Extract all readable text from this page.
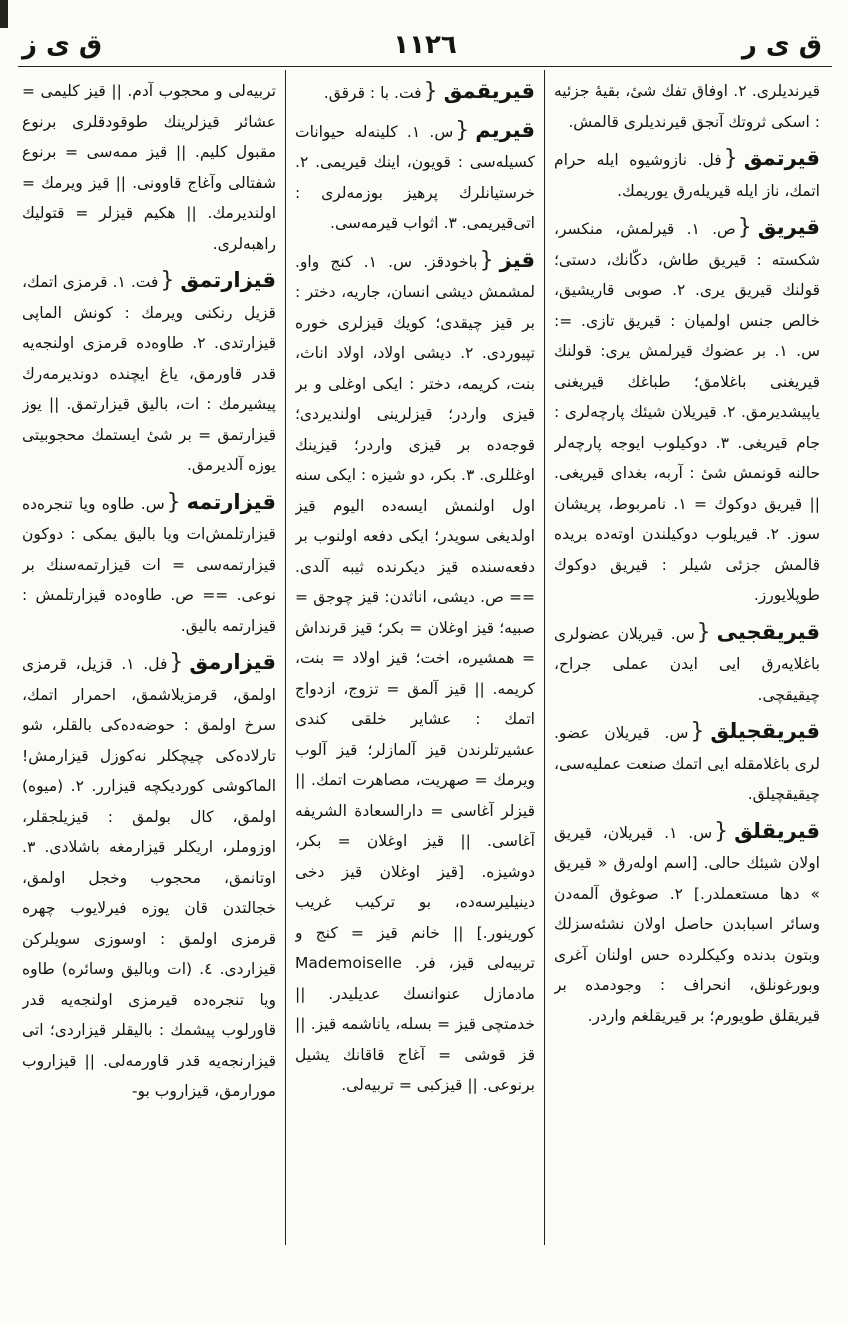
ق ی ر
١١٢٦
ق ی ز
قیرندیلری. ٢. اوفاق تفك شیٔ، بقیهٔ جزئیه : اسکی ثروتك آنجق قیرندیلری قالمش.
قیرتمق{فل. نازوشیوه ایله حرام اتمك، ناز ایله قیریله‌رق یوریمك.
قیریق{ص. ١. قیرلمش، منکسر، شکسته : قیریق طاش، دکّانك، دستی؛ قولنك قیریق یری. ٢. صوبی قاریشیق، خالص جنس اولمیان : قیریق تازی. =: س. ١. بر عضوك قیرلمش یری: قولنك قیریغنی باغلامق؛ طباغك قیریغنی یاپیشدیرمق. ٢. قیریلان شیئك پارچه‌لری : جام قیریغی. ٣. دوکیلوب ایوجه پارچه‌لر حالنه قونمش شیٔ : آربه، بغدای قیریغی. || قیریق دوکوك = ١. نامربوط، پریشان سوز. ٢. قیریلوب دوکیلندن اوته‌ده بریده قالمش جزئی شیلر : قیریق دوکوك طوپلایورز.
قیریقجیی{س. قیریلان عضولری باغلایه‌رق ایی ایدن عملی جراح، چیقیقچی.
قیریقجیلق{س. قیریلان عضو. لری باغلامقله ایی اتمك صنعت عملیه‌سی، چیقیقچیلق.
قیریقلق{س. ١. قیریلان، قیریق اولان شیئك حالی. [اسم اوله‌رق « قیریق » دها مستعملدر.] ٢. صوغوق آلمه‌دن وسائر اسبابدن حاصل اولان نشئه‌سزلك وبتون بدنده وکیکلرده حس اولنان آغری وبورغونلق، انحراف : وجودمده بر قیریقلق طویورم؛ بر قیریقلغم واردر.
قیریقمق{فت. با : قرقق.
قیریم{س. ١. کلینه‌له حیوانات کسیله‌سی : قویون، اینك قیریمی. ٢. خرستیانلرك پرهیز بوزمه‌لری : اتی‌قیریمی. ٣. اثواب قیرمه‌سی.
قیز{باخودقز. س. ١. کنج واو. لمشمش دیشی انسان، جاریه، دختر : بر قیز چیقدی؛ کویك قیزلری خوره تپیوردی. ٢. دیشی اولاد، اولاد اناث، بنت، کریمه، دختر : ایکی اوغلی و بر قیزی واردر؛ قیزلرینی اولندیردی؛ قوجه‌ده بر قیزی واردر؛ قیزینك اوغللری. ٣. بکر، دو شیزه : ایکی سنه اول اولنمش ایسه‌ده الیوم قیز اولدیغی سویدر؛ ایکی دفعه اولنوب بر دفعه‌سنده قیز دیکرنده ثیبه آلدی. == ص. دیشی، اناثدن: قیز چوجق = صبیه؛ قیز اوغلان = بکر؛ قیز قرنداش = همشیره، اخت؛ قیز اولاد = بنت، کریمه. || قیز آلمق = تزوج، ازدواج اتمك : عشایر خلقی کندی عشیرتلرندن قیز آلمازلر؛ قیز آلوب ویرمك = صهریت، مصاهرت اتمك. || قیزلر آغاسی = دارالسعادة الشریفه آغاسی. || قیز اوغلان = بکر، دوشیزه. [قیز اوغلان قیز دخی دینیلیرسه‌ده، بو ترکیب غریب کورینور.] || خانم قیز = کنج و تربیه‌لی قیز، فر. Mademoiselle مادمازل عنوانسك عدیلیدر. || خدمتچی قیز = بسله، یاناشمه قیز. || قز قوشی = آغاج قاقانك یشیل برنوعی. || قیزکبی = تربیه‌لی.
تربیه‌لی و محجوب آدم. || قیز کلیمی = عشائر قیزلرینك طوقودقلری برنوع مقبول کلیم. || قیز ممه‌سی = برنوع شفتالی وآغاج قاوونی. || قیز ویرمك = اولندیرمك. || هکیم قیزلر = قتولیك راهبه‌لری.
قیزارتمق{فت. ١. قرمزی اتمك، قزیل رنکنی ویرمك : کونش الماپی قیزارتدی. ٢. طاوه‌ده قرمزی اولنجه‌یه قدر قاورمق، یاغ ایچنده دوندیرمه‌رك پیشیرمك : ات، بالیق قیزارتمق. || یوز قیزارتمق = بر شیٔ ایستمك محجوبیتی یوزه آلدیرمق.
قیزارتمه{س. طاوه ویا تنجره‌ده قیزارتلمش‌ات ویا بالیق یمکی : دوکون قیزارتمه‌سی = ات قیزارتمه‌سنك بر نوعی. == ص. طاوه‌ده قیزارتلمش : قیزارتمه بالیق.
قیزارمق{فل. ١. قزیل، قرمزی اولمق، قرمزیلاشمق، احمرار اتمك، سرخ اولمق : حوضه‌ده‌کی بالقلر، شو تارلاده‌کی چیچکلر نه‌کوزل قیزارمش! الماکوشی کوردیکچه قیزارر. ٢. (میوه) اولمق، کال بولمق : قیزیلجقلر، اوزوملر، اریکلر قیزارمغه باشلادی. ٣. اوتانمق، محجوب وخجل اولمق، خجالتدن قان یوزه فیرلایوب چهره قرمزی اولمق : اوسوزی سویلرکن قیزاردی. ٤. (ات وبالیق وسائره) طاوه ویا تنجره‌ده قیرمزی اولنجه‌یه قدر قاورلوب پیشمك : بالیقلر قیزاردی؛ اتی قیزارنجه‌یه قدر قاورمه‌لی. || قیزاروب مورارمق، قیزاروب بو-
